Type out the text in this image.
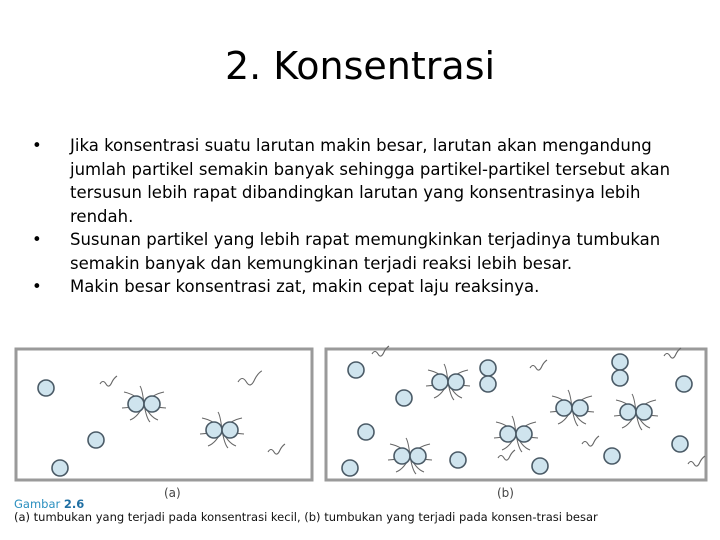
2. Konsentrasi
• Jika konsentrasi suatu larutan makin besar, larutan akan mengandung jumlah partikel semakin banyak sehingga partikel-partikel tersebut akan tersusun lebih rapat dibandingkan larutan yang konsentrasinya lebih rendah.
• Susunan partikel yang lebih rapat memungkinkan terjadinya tumbukan semakin banyak dan kemungkinan terjadi reaksi lebih besar.
• Makin besar konsentrasi zat, makin cepat laju reaksinya.
(a)	(b)
Gambar 2.6
(a) tumbukan yang terjadi pada konsentrasi kecil, (b) tumbukan yang terjadi pada konsen-trasi besar
